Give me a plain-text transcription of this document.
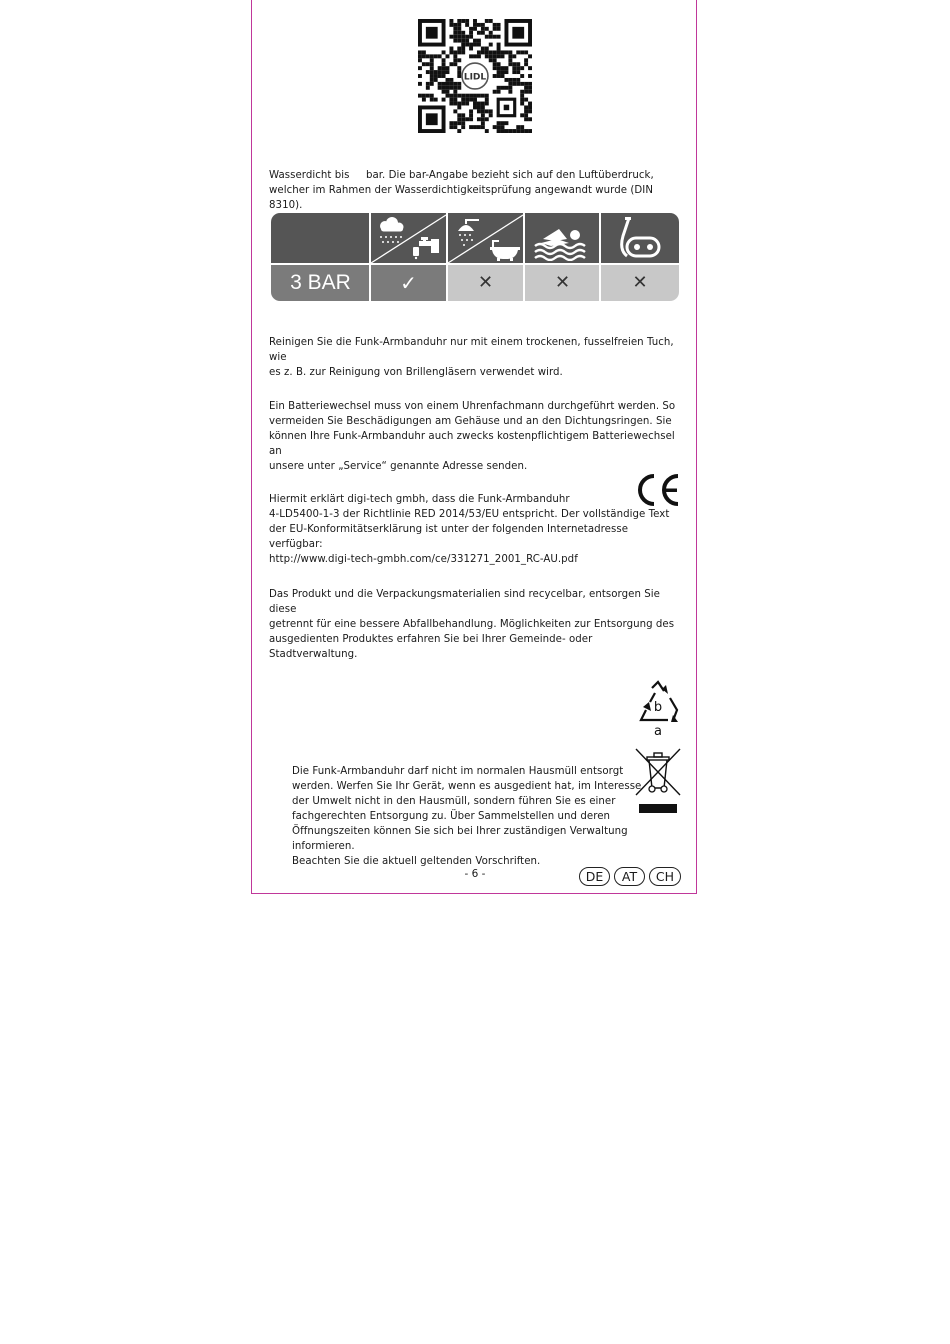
LIDL
Wasserdicht bis     bar. Die bar-Angabe bezieht sich auf den Luftüberdruck,
welcher im Rahmen der Wasserdichtigkeitsprüfung angewandt wurde (DIN 8310).
3 BAR	✓	✕	✕	✕
Reinigen Sie die Funk-Armbanduhr nur mit einem trockenen, fusselfreien Tuch, wie
es z. B. zur Reinigung von Brillengläsern verwendet wird.
Ein Batteriewechsel muss von einem Uhrenfachmann durchgeführt werden. So
vermeiden Sie Beschädigungen am Gehäuse und an den Dichtungsringen. Sie
können Ihre Funk-Armbanduhr auch zwecks kostenpflichtigem Batteriewechsel an
unsere unter „Service“ genannte Adresse senden.
Hiermit erklärt digi-tech gmbh, dass die Funk-Armbanduhr
4-LD5400-1-3 der Richtlinie RED 2014/53/EU entspricht. Der vollständige Text
der EU-Konformitätserklärung ist unter der folgenden Internetadresse verfügbar:
http://www.digi-tech-gmbh.com/ce/331271_2001_RC-AU.pdf
Das Produkt und die Verpackungsmaterialien sind recycelbar, entsorgen Sie diese
getrennt für eine bessere Abfallbehandlung. Möglichkeiten zur Entsorgung des
ausgedienten Produktes erfahren Sie bei Ihrer Gemeinde- oder Stadtverwaltung.
b
a
Die Funk-Armbanduhr darf nicht im normalen Hausmüll entsorgt
werden. Werfen Sie Ihr Gerät, wenn es ausgedient hat, im Interesse
der Umwelt nicht in den Hausmüll, sondern führen Sie es einer
fachgerechten Entsorgung zu. Über Sammelstellen und deren
Öffnungszeiten können Sie sich bei Ihrer zuständigen Verwaltung informieren.
Beachten Sie die aktuell geltenden Vorschriften.
- 6 -	DE	AT	CH
